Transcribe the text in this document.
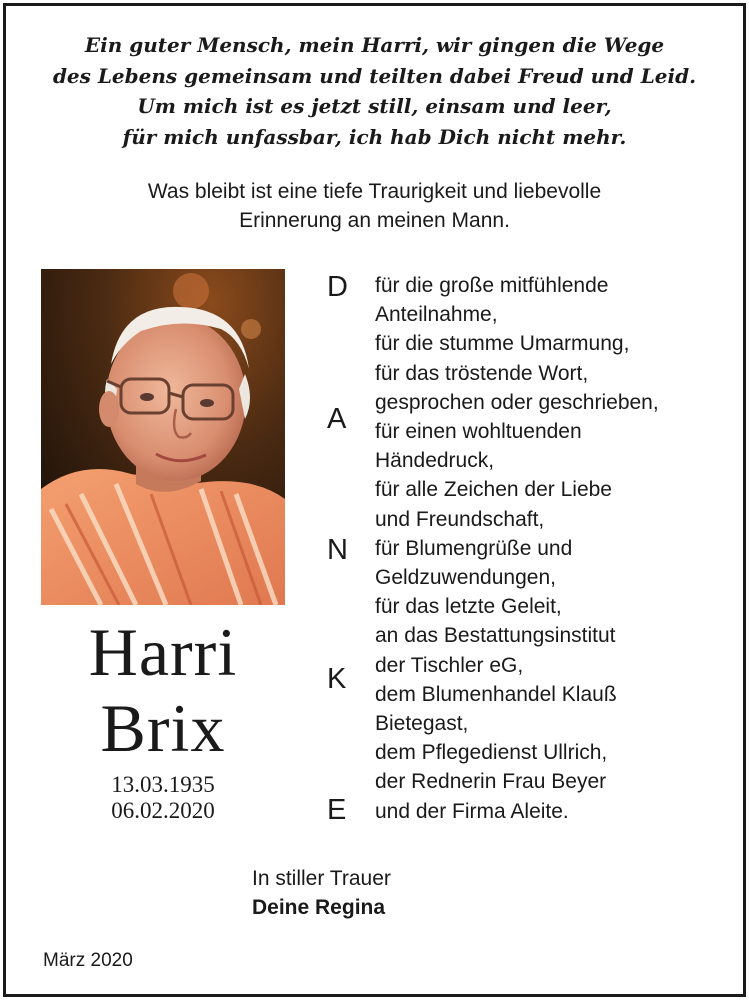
Ein guter Mensch, mein Harri, wir gingen die Wege
des Lebens gemeinsam und teilten dabei Freud und Leid.
Um mich ist es jetzt still, einsam und leer,
für mich unfassbar, ich hab Dich nicht mehr.
Was bleibt ist eine tiefe Traurigkeit und liebevolle
Erinnerung an meinen Mann.
Harri
Brix
13.03.1935
06.02.2020
D
A
N
K
E
für die große mitfühlende
Anteilnahme,
für die stumme Umarmung,
für das tröstende Wort,
gesprochen oder geschrieben,
für einen wohltuenden
Händedruck,
für alle Zeichen der Liebe
und Freundschaft,
für Blumengrüße und
Geldzuwendungen,
für das letzte Geleit,
an das Bestattungsinstitut
der Tischler eG,
dem Blumenhandel Klauß
Bietegast,
dem Pflegedienst Ullrich,
der Rednerin Frau Beyer
und der Firma Aleite.
In stiller Trauer
Deine Regina
März 2020
